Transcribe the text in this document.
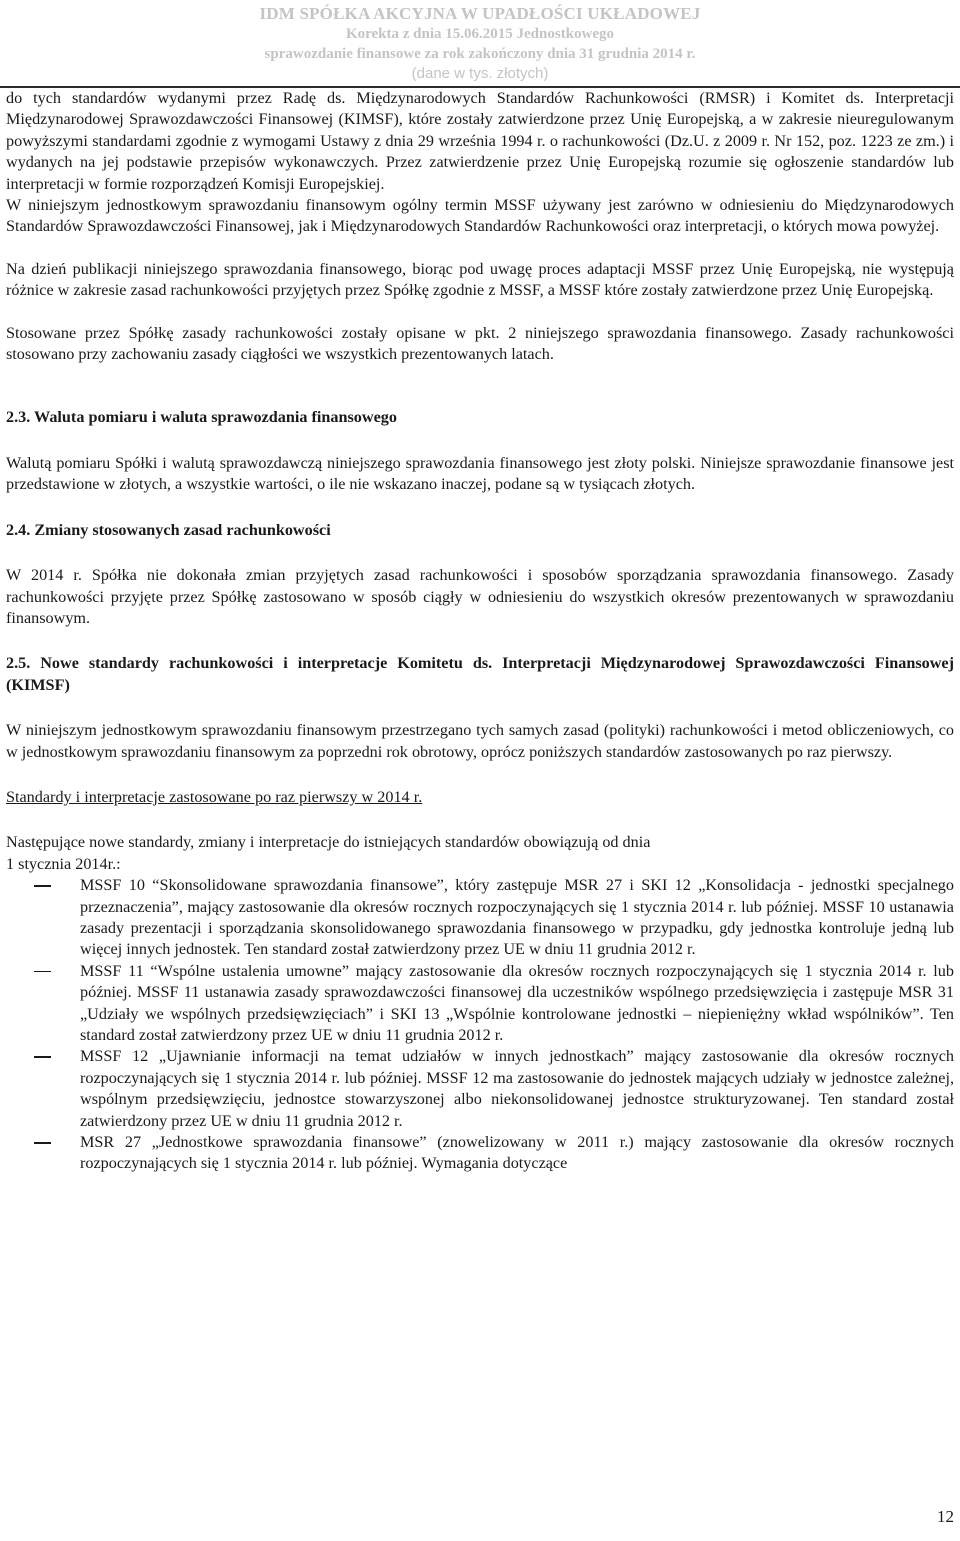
IDM SPÓŁKA AKCYJNA W UPADŁOŚCI UKŁADOWEJ
Korekta z dnia 15.06.2015 Jednostkowego
sprawozdanie finansowe za rok zakończony dnia 31 grudnia 2014 r.
(dane w tys. złotych)

do tych standardów wydanymi przez Radę ds. Międzynarodowych Standardów Rachunkowości (RMSR) i Komitet ds. Interpretacji Międzynarodowej Sprawozdawczości Finansowej (KIMSF), które zostały zatwierdzone przez Unię Europejską, a w zakresie nieuregulowanym powyższymi standardami zgodnie z wymogami Ustawy z dnia 29 września 1994 r. o rachunkowości (Dz.U. z 2009 r. Nr 152, poz. 1223 ze zm.) i wydanych na jej podstawie przepisów wykonawczych. Przez zatwierdzenie przez Unię Europejską rozumie się ogłoszenie standardów lub interpretacji w formie rozporządzeń Komisji Europejskiej.

W niniejszym jednostkowym sprawozdaniu finansowym ogólny termin MSSF używany jest zarówno w odniesieniu do Międzynarodowych Standardów Sprawozdawczości Finansowej, jak i Międzynarodowych Standardów Rachunkowości oraz interpretacji, o których mowa powyżej.

Na dzień publikacji niniejszego sprawozdania finansowego, biorąc pod uwagę proces adaptacji MSSF przez Unię Europejską, nie występują różnice w zakresie zasad rachunkowości przyjętych przez Spółkę zgodnie z MSSF, a MSSF które zostały zatwierdzone przez Unię Europejską.

Stosowane przez Spółkę zasady rachunkowości zostały opisane w pkt. 2 niniejszego sprawozdania finansowego. Zasady rachunkowości stosowano przy zachowaniu zasady ciągłości we wszystkich prezentowanych latach.

2.3. Waluta pomiaru i waluta sprawozdania finansowego

Walutą pomiaru Spółki i walutą sprawozdawczą niniejszego sprawozdania finansowego jest złoty polski. Niniejsze sprawozdanie finansowe jest przedstawione w złotych, a wszystkie wartości, o ile nie wskazano inaczej, podane są w tysiącach złotych.

2.4. Zmiany stosowanych zasad rachunkowości

W 2014 r. Spółka nie dokonała zmian przyjętych zasad rachunkowości i sposobów sporządzania sprawozdania finansowego. Zasady rachunkowości przyjęte przez Spółkę zastosowano w sposób ciągły w odniesieniu do wszystkich okresów prezentowanych w sprawozdaniu finansowym.

2.5. Nowe standardy rachunkowości i interpretacje Komitetu ds. Interpretacji Międzynarodowej Sprawozdawczości Finansowej (KIMSF)

W niniejszym jednostkowym sprawozdaniu finansowym przestrzegano tych samych zasad (polityki) rachunkowości i metod obliczeniowych, co w jednostkowym sprawozdaniu finansowym za poprzedni rok obrotowy, oprócz poniższych standardów zastosowanych po raz pierwszy.

Standardy i interpretacje zastosowane po raz pierwszy w 2014 r.

Następujące nowe standardy, zmiany i interpretacje do istniejących standardów obowiązują od dnia

1 stycznia 2014r.:

MSSF 10 “Skonsolidowane sprawozdania finansowe”, który zastępuje MSR 27 i SKI 12 „Konsolidacja - jednostki specjalnego przeznaczenia”, mający zastosowanie dla okresów rocznych rozpoczynających się 1 stycznia 2014 r. lub później. MSSF 10 ustanawia zasady prezentacji i sporządzania skonsolidowanego sprawozdania finansowego w przypadku, gdy jednostka kontroluje jedną lub więcej innych jednostek. Ten standard został zatwierdzony przez UE w dniu 11 grudnia 2012 r.
MSSF 11 “Wspólne ustalenia umowne” mający zastosowanie dla okresów rocznych rozpoczynających się 1 stycznia 2014 r. lub później. MSSF 11 ustanawia zasady sprawozdawczości finansowej dla uczestników wspólnego przedsięwzięcia i zastępuje MSR 31 „Udziały we wspólnych przedsięwzięciach” i SKI 13 „Wspólnie kontrolowane jednostki – niepieniężny wkład wspólników”. Ten standard został zatwierdzony przez UE w dniu 11 grudnia 2012 r.
MSSF 12 „Ujawnianie informacji na temat udziałów w innych jednostkach” mający zastosowanie dla okresów rocznych rozpoczynających się 1 stycznia 2014 r. lub później. MSSF 12 ma zastosowanie do jednostek mających udziały w jednostce zależnej, wspólnym przedsięwzięciu, jednostce stowarzyszonej albo niekonsolidowanej jednostce strukturyzowanej. Ten standard został zatwierdzony przez UE w dniu 11 grudnia 2012 r.
MSR 27 „Jednostkowe sprawozdania finansowe” (znowelizowany w 2011 r.) mający zastosowanie dla okresów rocznych rozpoczynających się 1 stycznia 2014 r. lub później. Wymagania dotyczące
12
